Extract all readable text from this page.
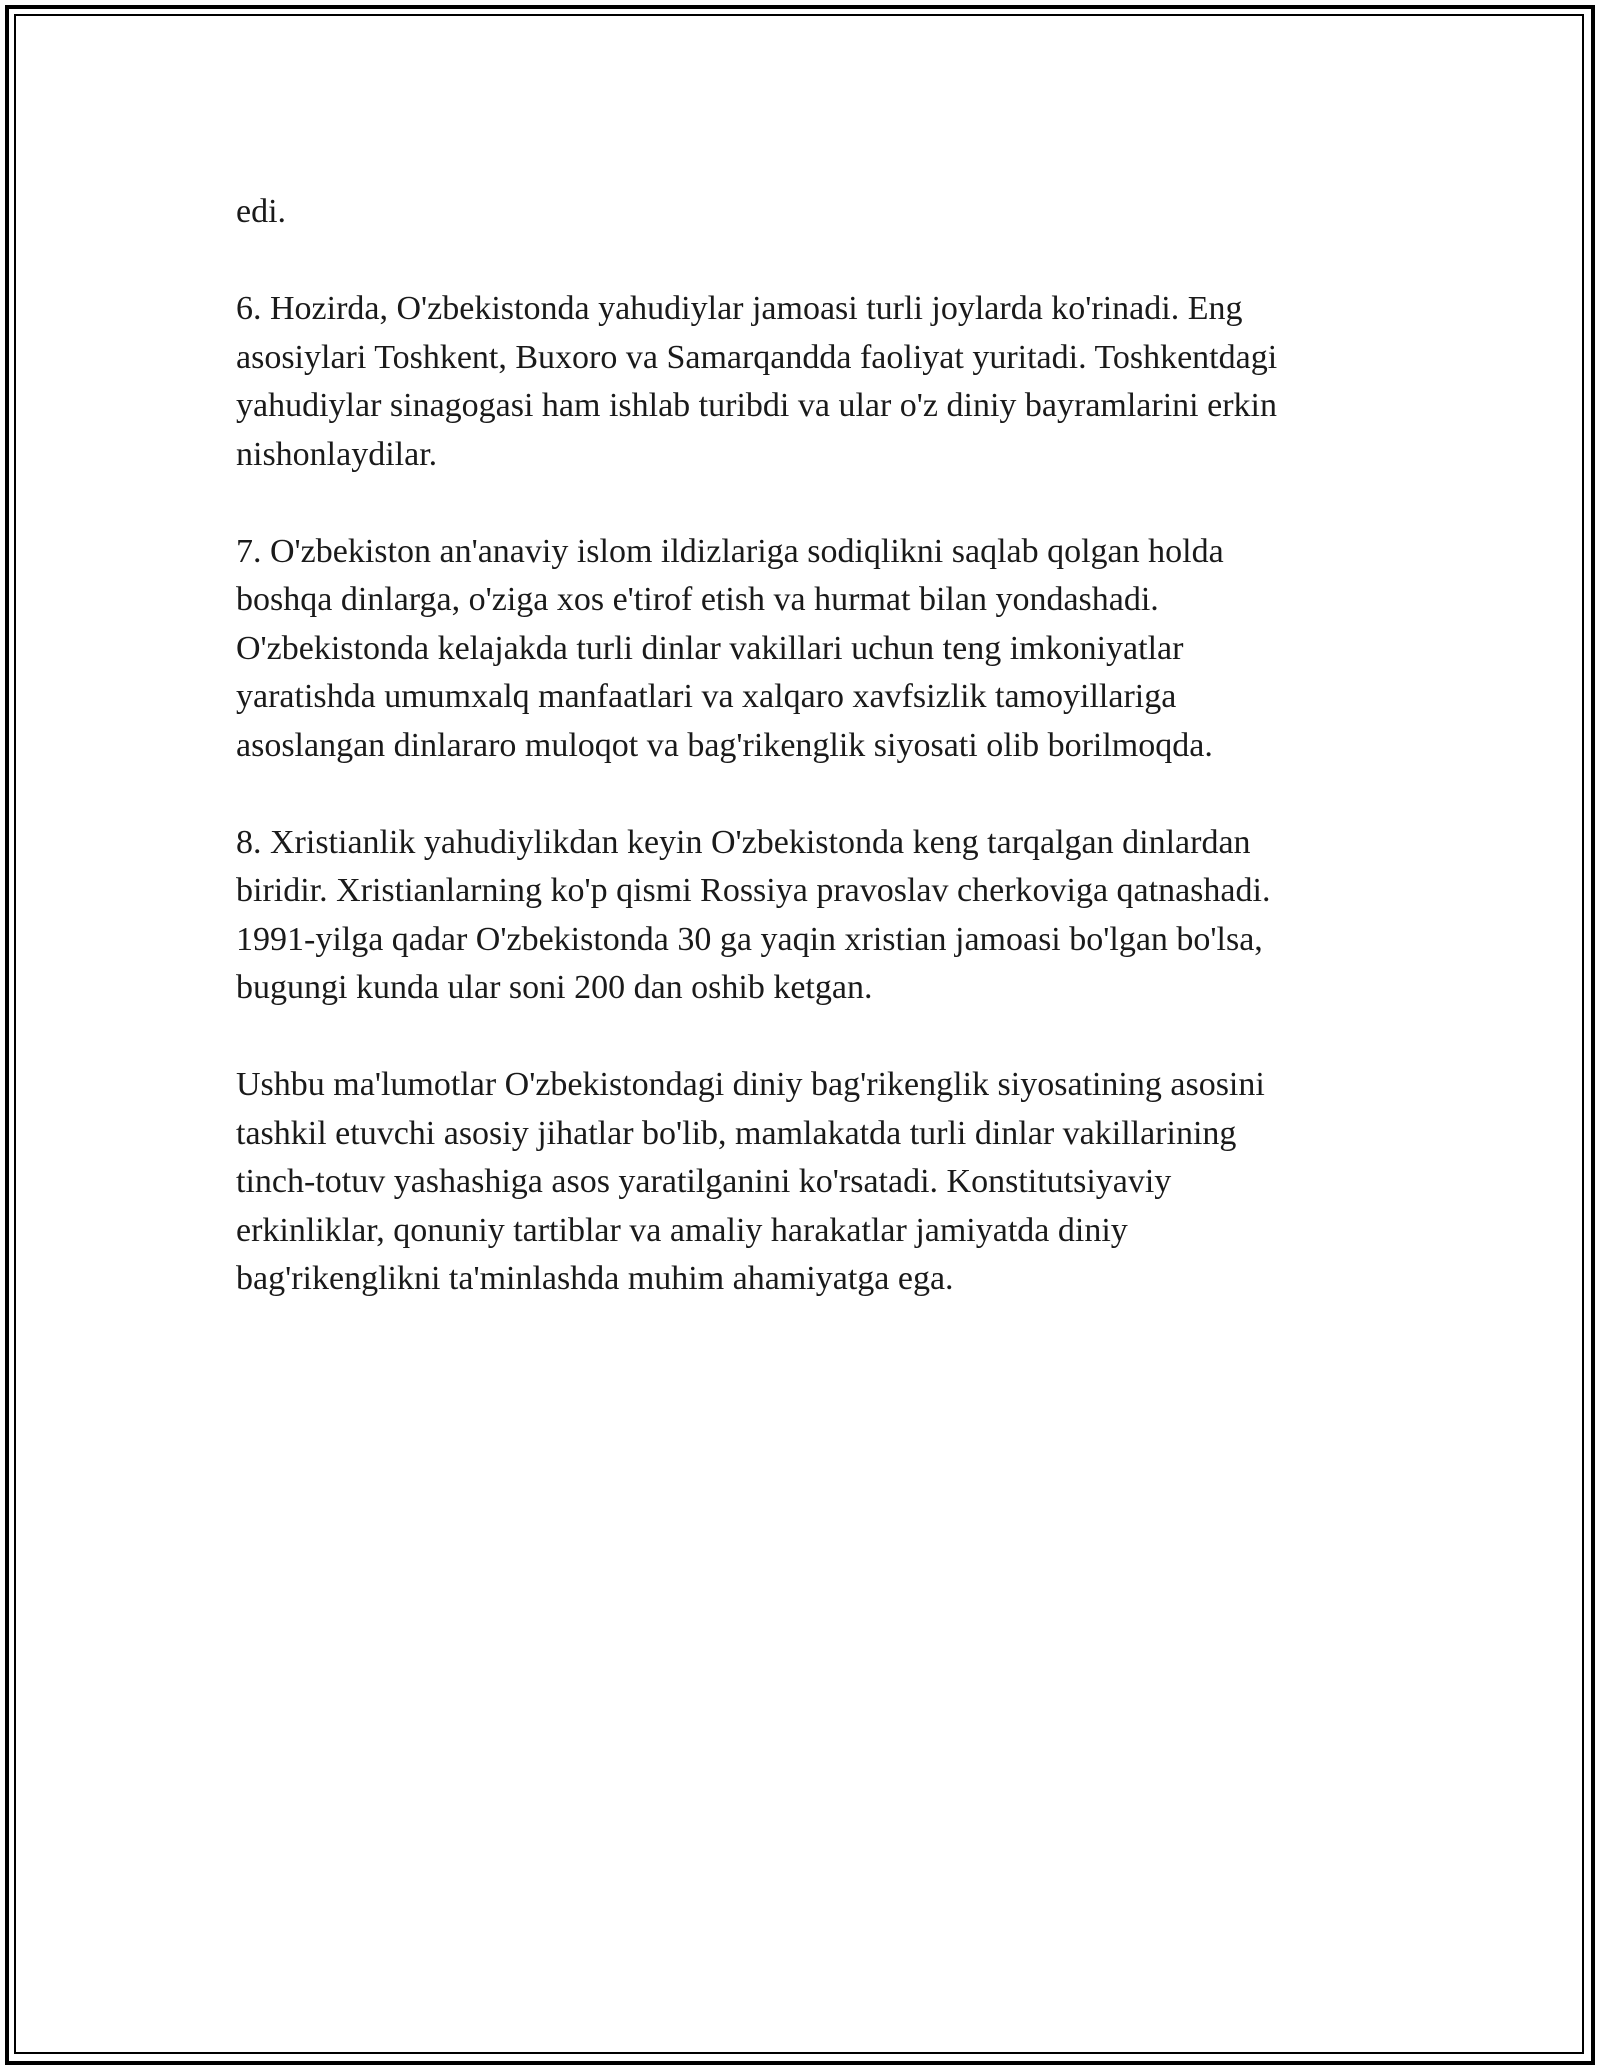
edi.

6. Hozirda, O'zbekistonda yahudiylar jamoasi turli joylarda ko'rinadi. Eng
asosiylari Toshkent, Buxoro va Samarqandda faoliyat yuritadi. Toshkentdagi
yahudiylar sinagogasi ham ishlab turibdi va ular o'z diniy bayramlarini erkin
nishonlaydilar.

7. O'zbekiston an'anaviy islom ildizlariga sodiqlikni saqlab qolgan holda
boshqa dinlarga, o'ziga xos e'tirof etish va hurmat bilan yondashadi.
O'zbekistonda kelajakda turli dinlar vakillari uchun teng imkoniyatlar
yaratishda umumxalq manfaatlari va xalqaro xavfsizlik tamoyillariga
asoslangan dinlararo muloqot va bag'rikenglik siyosati olib borilmoqda.

8. Xristianlik yahudiylikdan keyin O'zbekistonda keng tarqalgan dinlardan
biridir. Xristianlarning ko'p qismi Rossiya pravoslav cherkoviga qatnashadi.
1991-yilga qadar O'zbekistonda 30 ga yaqin xristian jamoasi bo'lgan bo'lsa,
bugungi kunda ular soni 200 dan oshib ketgan.

Ushbu ma'lumotlar O'zbekistondagi diniy bag'rikenglik siyosatining asosini
tashkil etuvchi asosiy jihatlar bo'lib, mamlakatda turli dinlar vakillarining
tinch-totuv yashashiga asos yaratilganini ko'rsatadi. Konstitutsiyaviy
erkinliklar, qonuniy tartiblar va amaliy harakatlar jamiyatda diniy
bag'rikenglikni ta'minlashda muhim ahamiyatga ega.
